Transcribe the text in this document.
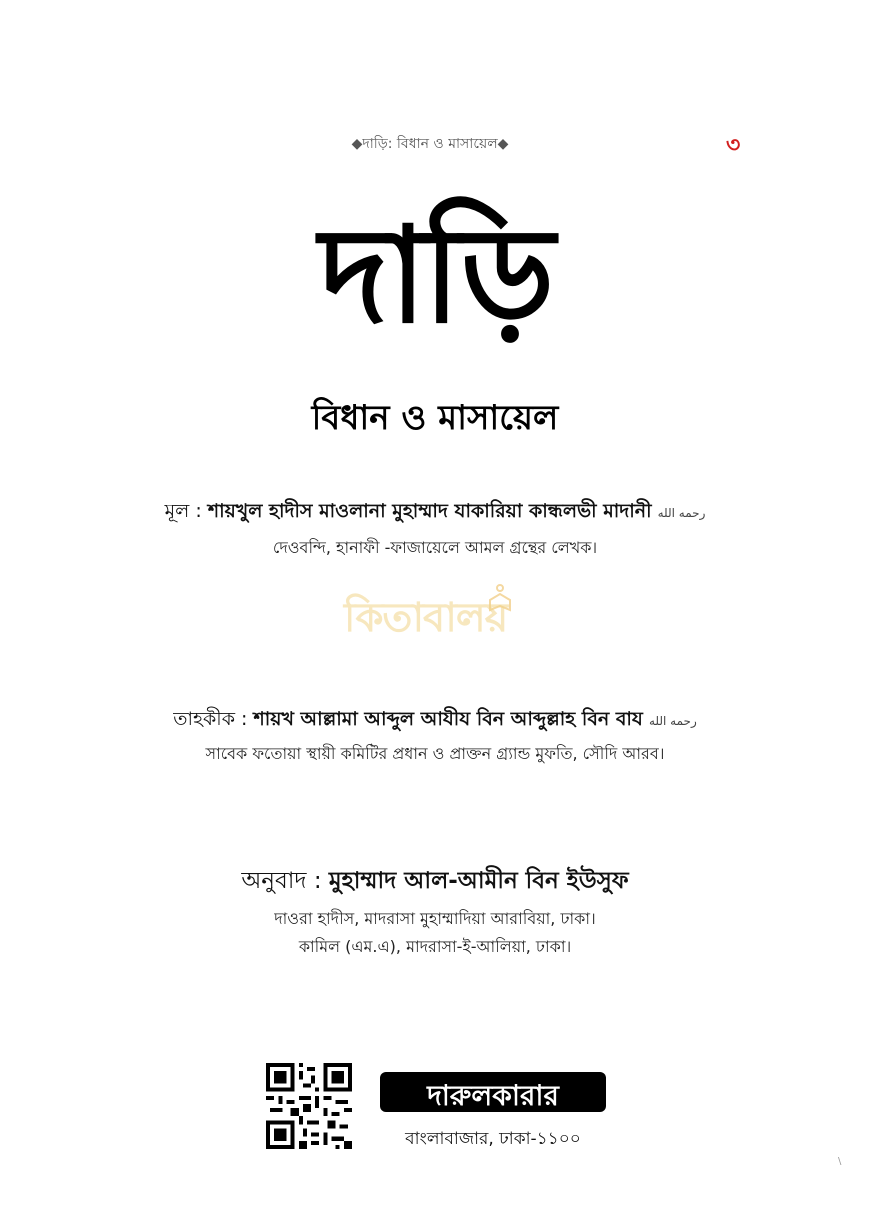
◆দাড়ি: বিধান ও মাসায়েল◆	৩
দাড়ি
বিধান ও মাসায়েল
মূল : শায়খুল হাদীস মাওলানা মুহাম্মাদ যাকারিয়া কান্ধলভী মাদানী رحمه الله
দেওবন্দি, হানাফী -ফাজায়েলে আমল গ্রন্থের লেখক।
কিতাবালয়
তাহকীক : শায়খ আল্লামা আব্দুল আযীয বিন আব্দুল্লাহ বিন বায رحمه الله
সাবেক ফতোয়া স্থায়ী কমিটির প্রধান ও প্রাক্তন গ্র্যান্ড মুফতি, সৌদি আরব।
অনুবাদ : মুহাম্মাদ আল-আমীন বিন ইউসুফ
দাওরা হাদীস, মাদরাসা মুহাম্মাদিয়া আরাবিয়া, ঢাকা।
কামিল (এম.এ), মাদরাসা-ই-আলিয়া, ঢাকা।
দারুলকারার
বাংলাবাজার, ঢাকা-১১০০
\
